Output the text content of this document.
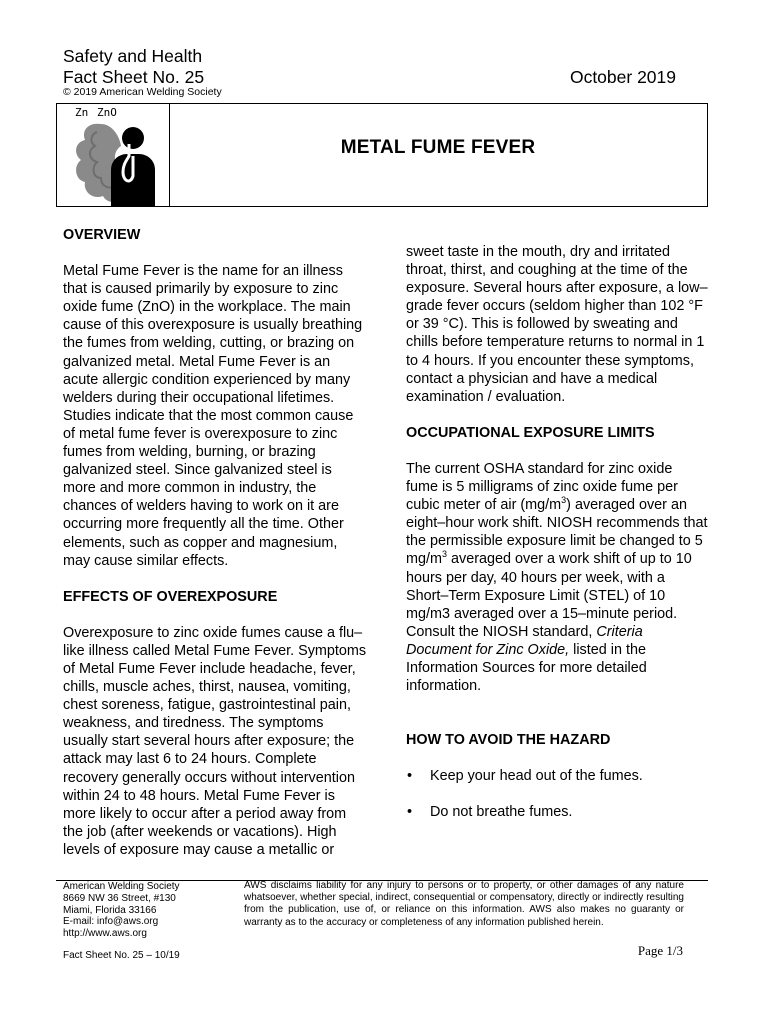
Safety and Health
Fact Sheet No. 25
© 2019 American Welding Society
October 2019
Zn ZnO
METAL FUME FEVER

OVERVIEW

Metal Fume Fever is the name for an illness that is caused primarily by exposure to zinc oxide fume (ZnO) in the workplace. The main cause of this overexposure is usually breathing the fumes from welding, cutting, or brazing on galvanized metal. Metal Fume Fever is an acute allergic condition experienced by many welders during their occupational lifetimes. Studies indicate that the most common cause of metal fume fever is overexposure to zinc fumes from welding, burning, or brazing galvanized steel. Since galvanized steel is more and more common in industry, the chances of welders having to work on it are occurring more frequently all the time. Other elements, such as copper and magnesium, may cause similar effects.

EFFECTS OF OVEREXPOSURE

Overexposure to zinc oxide fumes cause a flu–like illness called Metal Fume Fever. Symptoms of Metal Fume Fever include headache, fever, chills, muscle aches, thirst, nausea, vomiting, chest soreness, fatigue, gastrointestinal pain, weakness, and tiredness. The symptoms usually start several hours after exposure; the attack may last 6 to 24 hours. Complete recovery generally occurs without intervention within 24 to 48 hours. Metal Fume Fever is more likely to occur after a period away from the job (after weekends or vacations). High levels of exposure may cause a metallic or

sweet taste in the mouth, dry and irritated throat, thirst, and coughing at the time of the exposure. Several hours after exposure, a low–grade fever occurs (seldom higher than 102 °F or 39 °C). This is followed by sweating and chills before temperature returns to normal in 1 to 4 hours. If you encounter these symptoms, contact a physician and have a medical examination / evaluation.

OCCUPATIONAL EXPOSURE LIMITS

The current OSHA standard for zinc oxide fume is 5 milligrams of zinc oxide fume per cubic meter of air $(mg/m^3)$ averaged over an eight–hour work shift. NIOSH recommends that the permissible exposure limit be changed to 5 $mg/m^3$ averaged over a work shift of up to 10 hours per day, 40 hours per week, with a Short–Term Exposure Limit (STEL) of 10 mg/m3 averaged over a 15–minute period. Consult the NIOSH standard, Criteria Document for Zinc Oxide, listed in the Information Sources for more detailed information.

HOW TO AVOID THE HAZARD

• Keep your head out of the fumes.
• Do not breathe fumes.
American Welding Society
8669 NW 36 Street, #130
Miami, Florida 33166
E-mail: info@aws.org
http://www.aws.org
AWS disclaims liability for any injury to persons or to property, or other damages of any nature whatsoever, whether special, indirect, consequential or compensatory, directly or indirectly resulting from the publication, use of, or reliance on this information. AWS also makes no guaranty or warranty as to the accuracy or completeness of any information published herein.
Fact Sheet No. 25 – 10/19	Page 1/3
